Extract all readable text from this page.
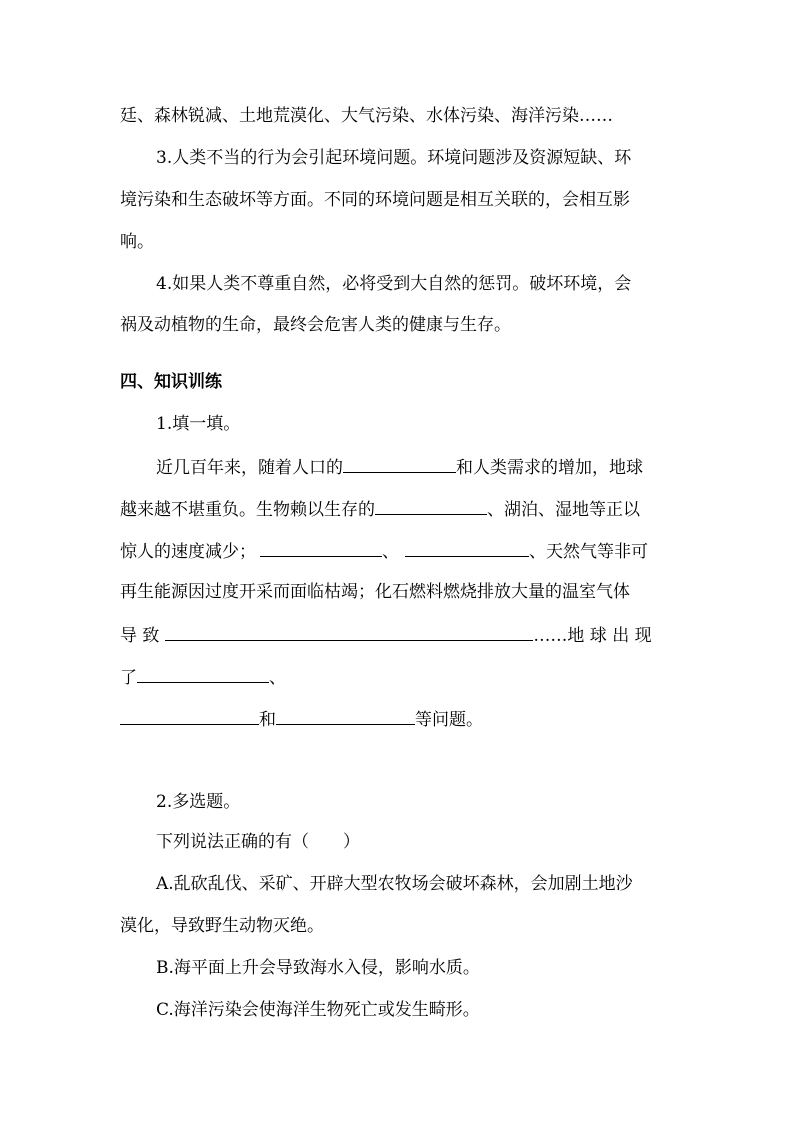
廷、森林锐减、土地荒漠化、大气污染、水体污染、海洋污染……
3.人类不当的行为会引起环境问题。环境问题涉及资源短缺、环
境污染和生态破坏等方面。不同的环境问题是相互关联的，会相互影
响。
4.如果人类不尊重自然，必将受到大自然的惩罚。破坏环境，会
祸及动植物的生命，最终会危害人类的健康与生存。
四、知识训练
1.填一填。
近几百年来，随着人口的	和人类需求的增加，地球
越来越不堪重负。生物赖以生存的	、湖泊、湿地等正以
惊人的速度减少；	、	、天然气等非可
再生能源因过度开采而面临枯竭；化石燃料燃烧排放大量的温室气体
导 致	……地 球 出 现
了	、
和	等问题。
2.多选题。
下列说法正确的有（　　）
A.乱砍乱伐、采矿、开辟大型农牧场会破坏森林，会加剧土地沙
漠化，导致野生动物灭绝。
B.海平面上升会导致海水入侵，影响水质。
C.海洋污染会使海洋生物死亡或发生畸形。
